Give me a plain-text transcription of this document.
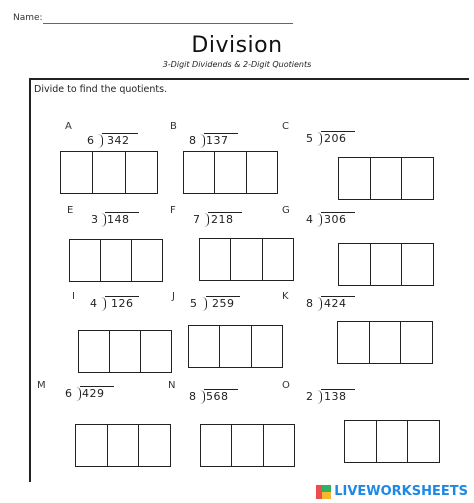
Name:
Division
3-Digit Dividends & 2-Digit Quotients
Divide to find the quotients.
A
6 342
B
8 137
C
5 206
E
3 148
F
7 218
G
4 306
I
4 126
J
5 259
K
8 424
M
6 429
N
8 568
O
2 138
LIVEWORKSHEETS
